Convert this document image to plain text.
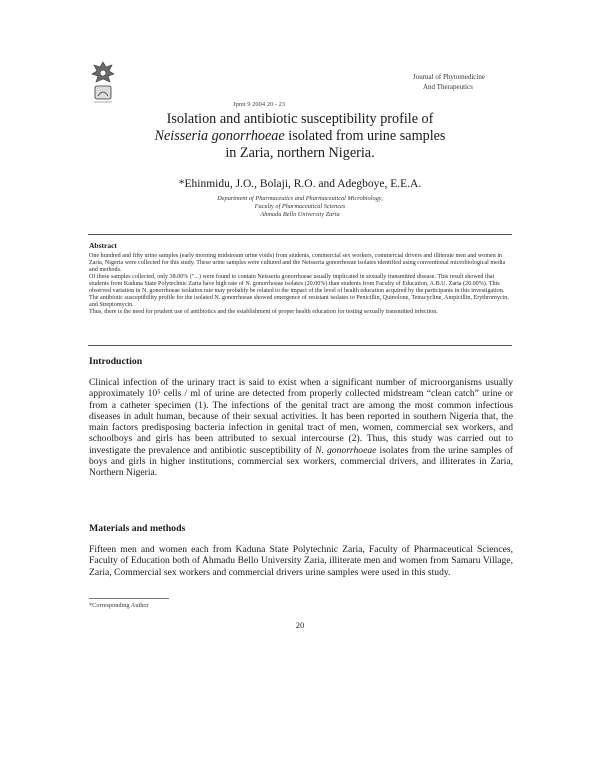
Journal of Phytomedicine
And Therapeutics
Jpmt 9 2004 20 - 23
Isolation and antibiotic susceptibility profile of
Neisseria gonorrhoeae isolated from urine samples
in Zaria, northern Nigeria.
*Ehinmidu, J.O., Bolaji, R.O. and Adegboye, E.E.A.
Department of Pharmaceutics and Pharmaceutical Microbiology,
Faculty of Pharmaceutical Sciences
Ahmadu Bello University Zaria
Abstract

One hundred and fifty urine samples (early morning midstream urine voids) from students, commercial sex workers, commercial drivers and illiterate men and women in Zaria, Nigeria were collected for this study. These urine samples were cultured and the Neisseria gonorrhoeae isolates identified using conventional microbiological media and methods.

Of these samples collected, only 38.00% ("...) were found to contain Neisseria gonorrhoeae usually implicated in sexually transmitted disease. This result showed that students from Kaduna State Polytechnic Zaria have high rate of N. gonorrhoeae isolates (20.00%) than students from Faculty of Education, A.B.U. Zaria (20.00%). This observed variation in N. gonorrhoeae isolation rate may probably be related to the impact of the level of health education acquired by the participants in this investigation.

The antibiotic susceptibility profile for the isolated N. gonorrhoeae showed emergence of resistant isolates to Penicillin, Quinolone, Tetracycline, Ampicillin, Erythromycin, and Streptomycin.

Thus, there is the need for prudent use of antibiotics and the establishment of proper health education for testing sexually transmitted infection.

Introduction
Clinical infection of the urinary tract is said to exist when a significant number of microorganisms usually approximately 10⁵ cells / ml of urine are detected from properly collected midstream “clean catch” urine or from a catheter specimen (1). The infections of the genital tract are among the most common infectious diseases in adult human, because of their sexual activities. It has been reported in southern Nigeria that, the main factors predisposing bacteria infection in genital tract of men, women, commercial sex workers, and schoolboys and girls has been attributed to sexual intercourse (2). Thus, this study was carried out to investigate the prevalence and antibiotic susceptibility of N. gonorrhoeae isolates from the urine samples of boys and girls in higher institutions, commercial sex workers, commercial drivers, and illiterates in Zaria, Northern Nigeria.
Materials and methods
Fifteen men and women each from Kaduna State Polytechnic Zaria, Faculty of Pharmaceutical Sciences, Faculty of Education both of Ahmadu Bello University Zaria, illiterate men and women from Samaru Village, Zaria, Commercial sex workers and commercial drivers urine samples were used in this study.
*Corresponding Author
20
